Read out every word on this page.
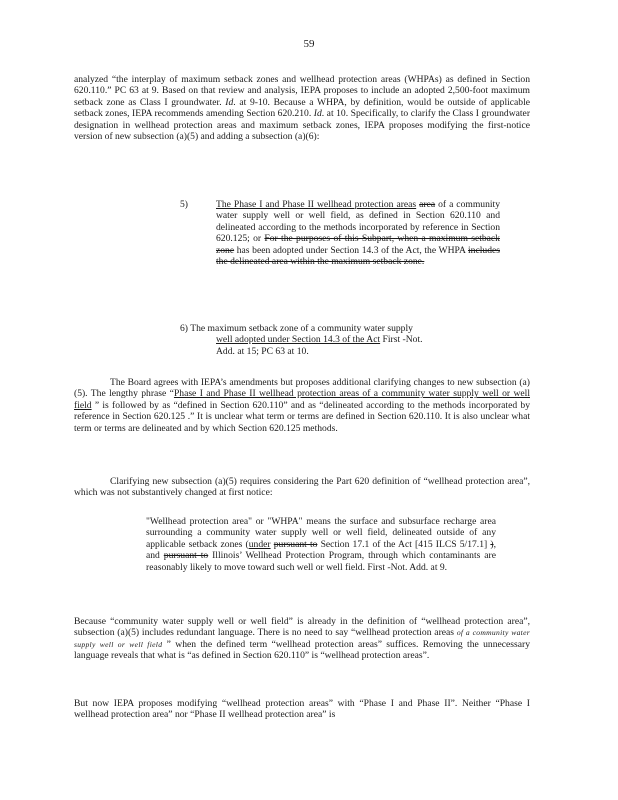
59

analyzed “the interplay of maximum setback zones and wellhead protection areas (WHPAs) as defined in Section 620.110.” PC 63 at 9. Based on that review and analysis, IEPA proposes to include an adopted 2,500-foot maximum setback zone as Class I groundwater. Id. at 9-10. Because a WHPA, by definition, would be outside of applicable setback zones, IEPA recommends amending Section 620.210. Id. at 10. Specifically, to clarify the Class I groundwater designation in wellhead protection areas and maximum setback zones, IEPA proposes modifying the first-notice version of new subsection (a)(5) and adding a subsection (a)(6):

5)	The Phase I and Phase II wellhead protection areas area of a community water supply well or well field, as defined in Section 620.110 and delineated according to the methods incorporated by reference in Section 620.125; or For the purposes of this Subpart, when a maximum setback zone has been adopted under Section 14.3 of the Act, the WHPA includes the delineated area within the maximum setback zone.
6) The maximum setback zone of a community water supply
well adopted under Section 14.3 of the Act First -Not.
Add. at 15; PC 63 at 10.

The Board agrees with IEPA’s amendments but proposes additional clarifying changes to new subsection (a)(5). The lengthy phrase “Phase I and Phase II wellhead protection areas of a community water supply well or well field ” is followed by as “defined in Section 620.110” and as “delineated according to the methods incorporated by reference in Section 620.125 .” It is unclear what term or terms are defined in Section 620.110. It is also unclear what term or terms are delineated and by which Section 620.125 methods.

Clarifying new subsection (a)(5) requires considering the Part 620 definition of “wellhead protection area”, which was not substantively changed at first notice:

"Wellhead protection area" or "WHPA" means the surface and subsurface recharge area surrounding a community water supply well or well field, delineated outside of any applicable setback zones (under pursuant to Section 17.1 of the Act [415 ILCS 5/17.1] ), and pursuant to Illinois’ Wellhead Protection Program, through which contaminants are reasonably likely to move toward such well or well field. First -Not. Add. at 9.

Because “community water supply well or well field” is already in the definition of “wellhead protection area”, subsection (a)(5) includes redundant language. There is no need to say “wellhead protection areas of a community water supply well or well field ” when the defined term “wellhead protection areas” suffices. Removing the unnecessary language reveals that what is “as defined in Section 620.110” is “wellhead protection areas”.

But now IEPA proposes modifying “wellhead protection areas” with “Phase I and Phase II”. Neither “Phase I wellhead protection area” nor “Phase II wellhead protection area” is
